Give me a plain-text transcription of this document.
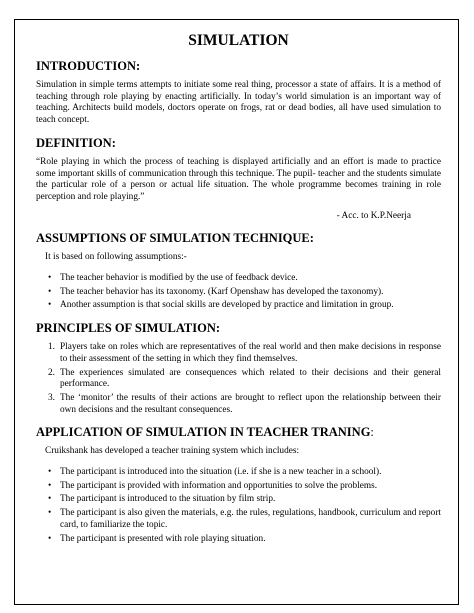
SIMULATION
INTRODUCTION:

Simulation in simple terms attempts to initiate some real thing, processor a state of affairs. It is a method of teaching through role playing by enacting artificially. In today’s world simulation is an important way of teaching. Architects build models, doctors operate on frogs, rat or dead bodies, all have used simulation to teach concept.

DEFINITION:

“Role playing in which the process of teaching is displayed artificially and an effort is made to practice some important skills of communication through this technique. The pupil- teacher and the students simulate the particular role of a person or actual life situation. The whole programme becomes training in role perception and role playing.”

- Acc. to K.P.Neerja
ASSUMPTIONS OF SIMULATION TECHNIQUE:

It is based on following assumptions:-

• The teacher behavior is modified by the use of feedback device.
• The teacher behavior has its taxonomy. (Karf Openshaw has developed the taxonomy).
• Another assumption is that social skills are developed by practice and limitation in group.
PRINCIPLES OF SIMULATION:
1. Players take on roles which are representatives of the real world and then make decisions in response to their assessment of the setting in which they find themselves.
2. The experiences simulated are consequences which related to their decisions and their general performance.
3. The ‘monitor’ the results of their actions are brought to reflect upon the relationship between their own decisions and the resultant consequences.
APPLICATION OF SIMULATION IN TEACHER TRANING:

Cruikshank has developed a teacher training system which includes:

• The participant is introduced into the situation (i.e. if she is a new teacher in a school).
• The participant is provided with information and opportunities to solve the problems.
• The participant is introduced to the situation by film strip.
• The participant is also given the materials, e.g. the rules, regulations, handbook, curriculum and report card, to familiarize the topic.
• The participant is presented with role playing situation.
